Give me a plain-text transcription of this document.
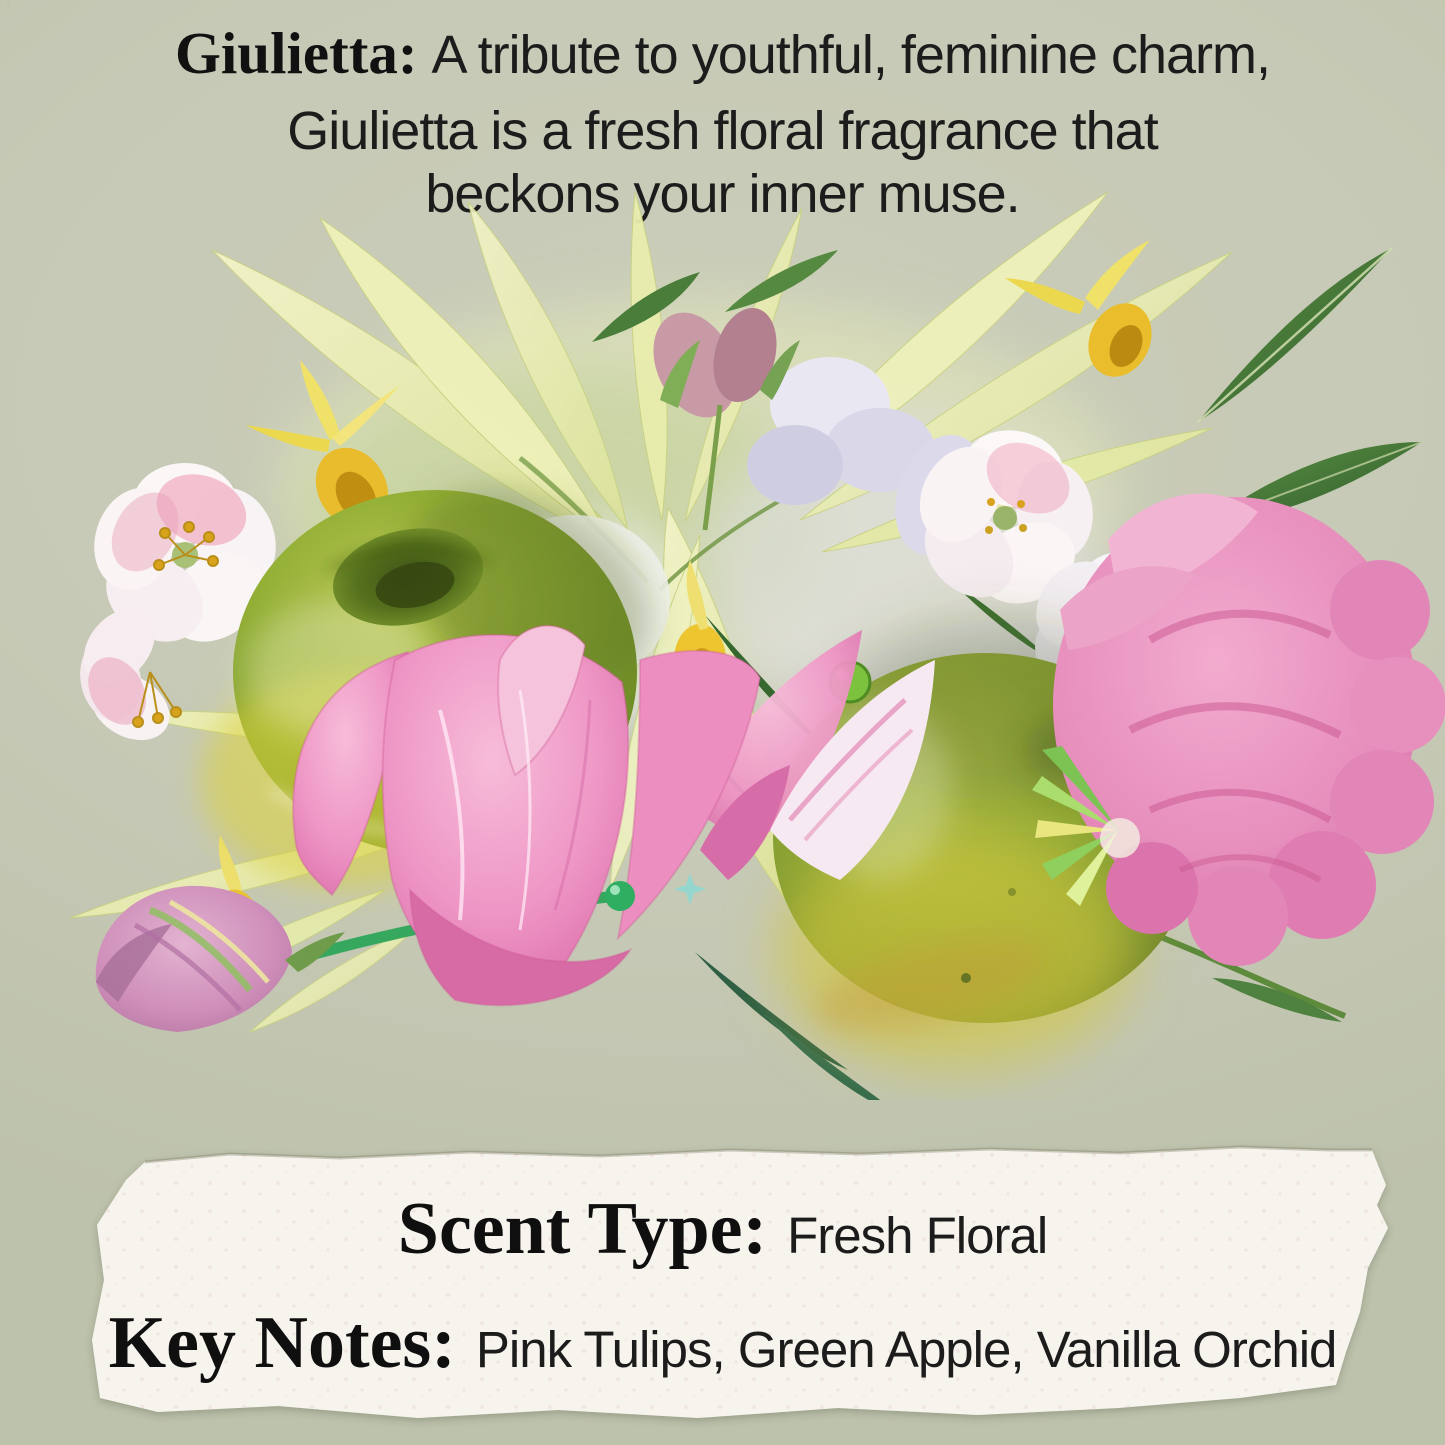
Giulietta: A tribute to youthful, feminine charm,
Giulietta is a fresh floral fragrance that
beckons your inner muse.
Scent Type: Fresh Floral
Key Notes: Pink Tulips, Green Apple, Vanilla Orchid
